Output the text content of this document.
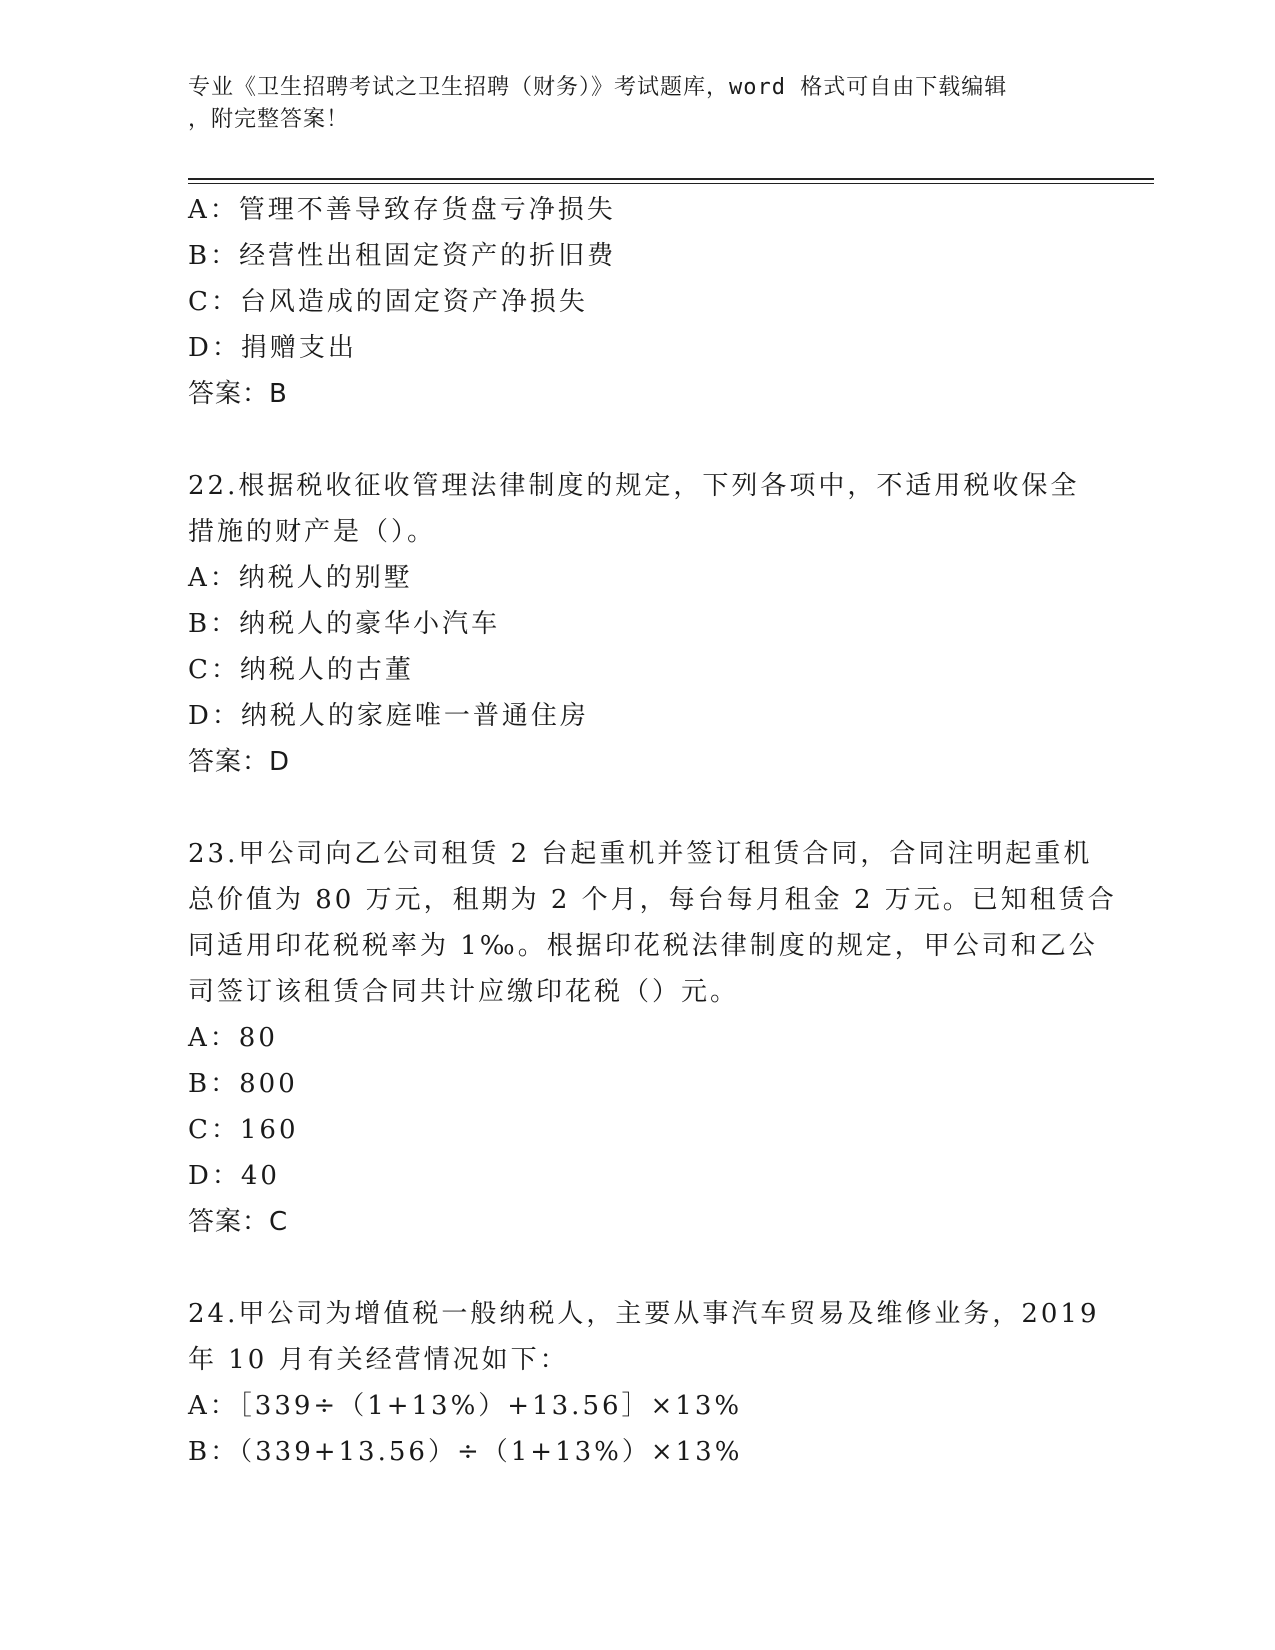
专业《卫生招聘考试之卫生招聘（财务）》考试题库，word 格式可自由下载编辑
，附完整答案！
A：管理不善导致存货盘亏净损失
B：经营性出租固定资产的折旧费
C：台风造成的固定资产净损失
D：捐赠支出
答案：B
22.根据税收征收管理法律制度的规定，下列各项中，不适用税收保全
措施的财产是（）。
A：纳税人的别墅
B：纳税人的豪华小汽车
C：纳税人的古董
D：纳税人的家庭唯一普通住房
答案：D
23.甲公司向乙公司租赁 2 台起重机并签订租赁合同，合同注明起重机
总价值为 80 万元，租期为 2 个月，每台每月租金 2 万元。已知租赁合
同适用印花税税率为 1‰。根据印花税法律制度的规定，甲公司和乙公
司签订该租赁合同共计应缴印花税（）元。
A：80
B：800
C：160
D：40
答案：C
24.甲公司为增值税一般纳税人，主要从事汽车贸易及维修业务，2019
年 10 月有关经营情况如下：
A：［339÷（1+13%）+13.56］×13%
B：（339+13.56）÷（1+13%）×13%
